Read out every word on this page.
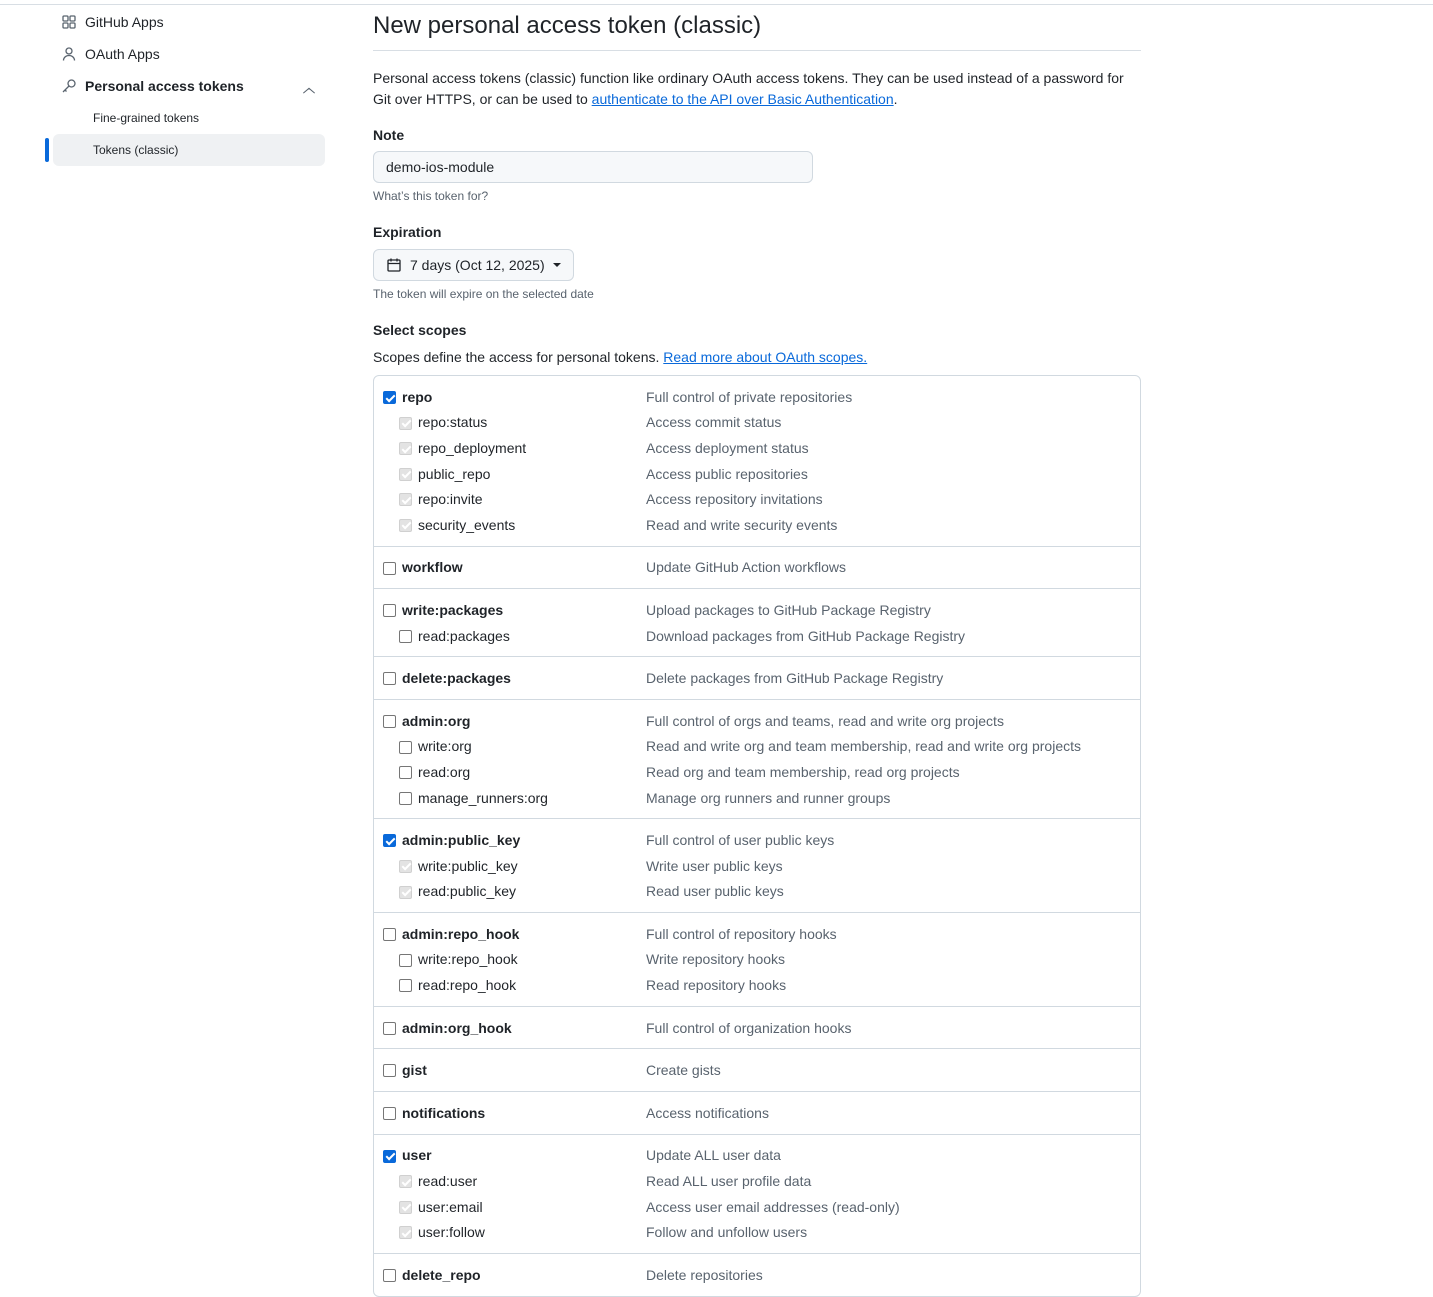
GitHub Apps
OAuth Apps
Personal access tokens	︿
Fine-grained tokens
Tokens (classic)
New personal access token (classic)

Personal access tokens (classic) function like ordinary OAuth access tokens. They can be used instead of a password for Git over HTTPS, or can be used to authenticate to the API over Basic Authentication.

Note
demo-ios-module
What’s this token for?
Expiration
7 days (Oct 12, 2025)
The token will expire on the selected date
Select scopes

Scopes define the access for personal tokens. Read more about OAuth scopes.

repo	Full control of private repositories
repo:status	Access commit status
repo_deployment	Access deployment status
public_repo	Access public repositories
repo:invite	Access repository invitations
security_events	Read and write security events
workflow	Update GitHub Action workflows
write:packages	Upload packages to GitHub Package Registry
read:packages	Download packages from GitHub Package Registry
delete:packages	Delete packages from GitHub Package Registry
admin:org	Full control of orgs and teams, read and write org projects
write:org	Read and write org and team membership, read and write org projects
read:org	Read org and team membership, read org projects
manage_runners:org	Manage org runners and runner groups
admin:public_key	Full control of user public keys
write:public_key	Write user public keys
read:public_key	Read user public keys
admin:repo_hook	Full control of repository hooks
write:repo_hook	Write repository hooks
read:repo_hook	Read repository hooks
admin:org_hook	Full control of organization hooks
gist	Create gists
notifications	Access notifications
user	Update ALL user data
read:user	Read ALL user profile data
user:email	Access user email addresses (read-only)
user:follow	Follow and unfollow users
delete_repo	Delete repositories
